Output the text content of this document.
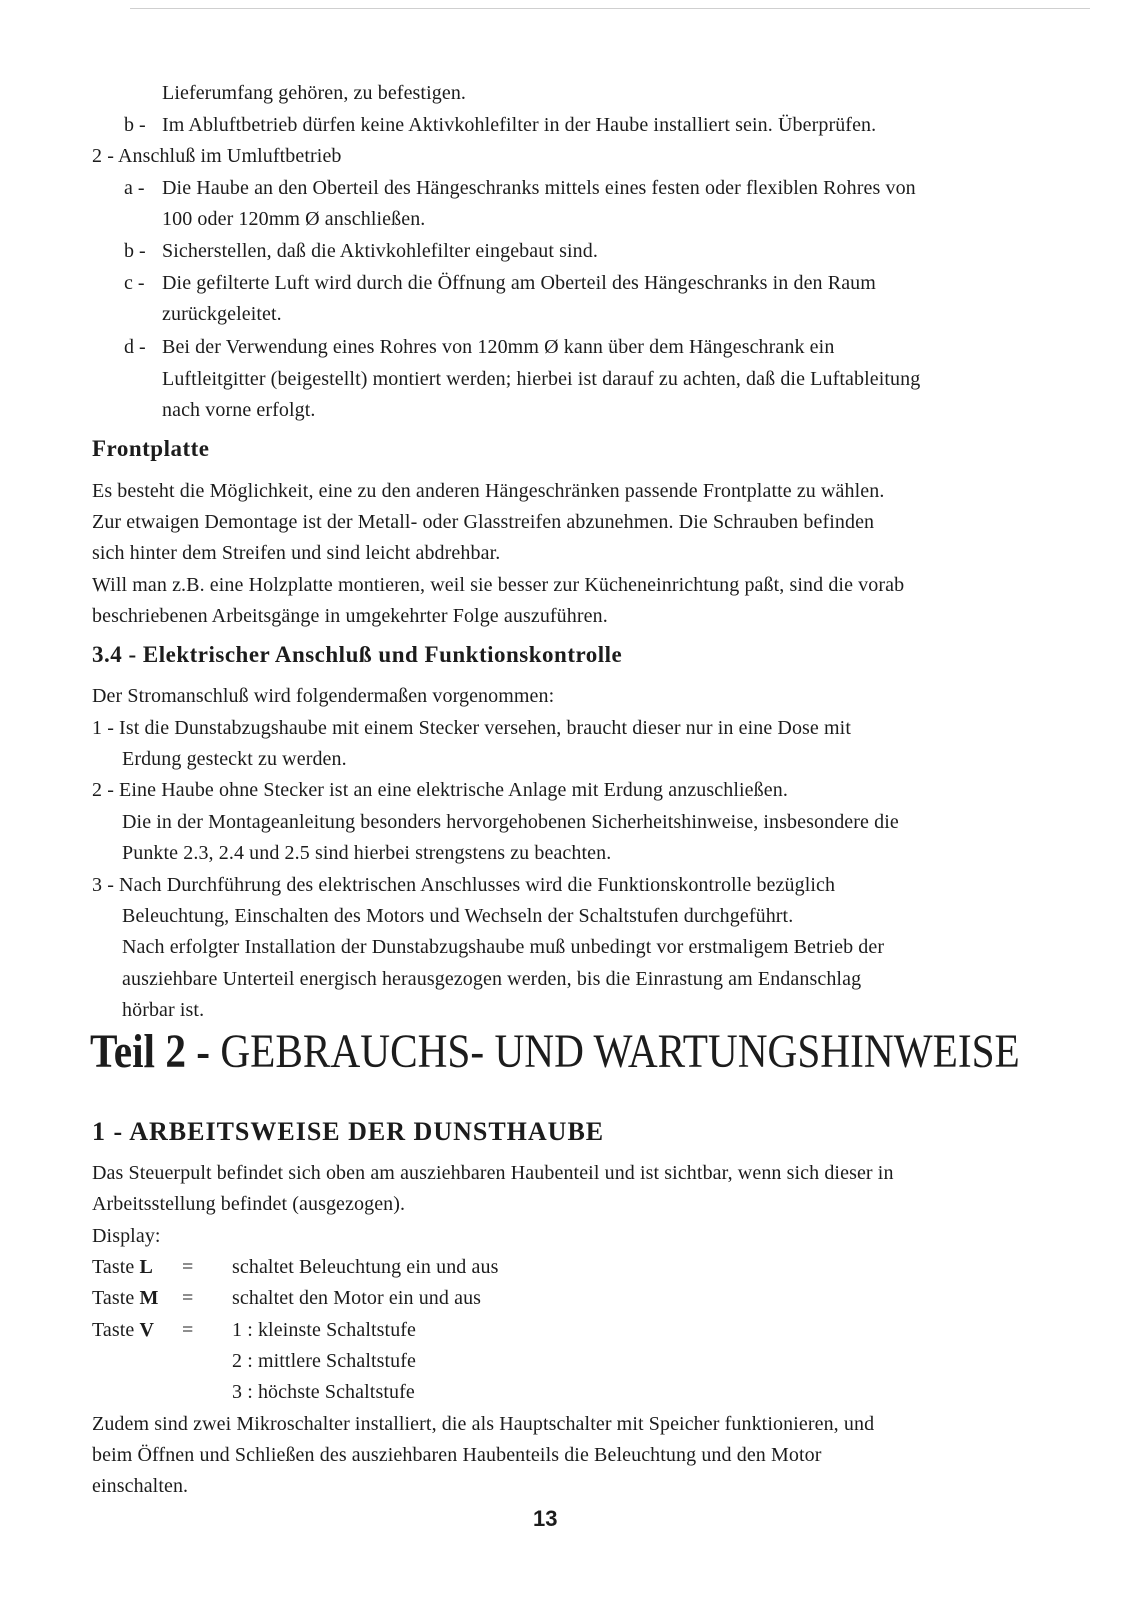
Lieferumfang gehören, zu befestigen.
b - Im Abluftbetrieb dürfen keine Aktivkohlefilter in der Haube installiert sein. Überprüfen.
2 - Anschluß im Umluftbetrieb
a - Die Haube an den Oberteil des Hängeschranks mittels eines festen oder flexiblen Rohres von
100 oder 120mm Ø anschließen.
b - Sicherstellen, daß die Aktivkohlefilter eingebaut sind.
c - Die gefilterte Luft wird durch die Öffnung am Oberteil des Hängeschranks in den Raum
zurückgeleitet.
d - Bei der Verwendung eines Rohres von 120mm Ø kann über dem Hängeschrank ein
Luftleitgitter (beigestellt) montiert werden; hierbei ist darauf zu achten, daß die Luftableitung
nach vorne erfolgt.
Frontplatte
Es besteht die Möglichkeit, eine zu den anderen Hängeschränken passende Frontplatte zu wählen.
Zur etwaigen Demontage ist der Metall- oder Glasstreifen abzunehmen. Die Schrauben befinden
sich hinter dem Streifen und sind leicht abdrehbar.
Will man z.B. eine Holzplatte montieren, weil sie besser zur Kücheneinrichtung paßt, sind die vorab
beschriebenen Arbeitsgänge in umgekehrter Folge auszuführen.
3.4 - Elektrischer Anschluß und Funktionskontrolle
Der Stromanschluß wird folgendermaßen vorgenommen:
1 - Ist die Dunstabzugshaube mit einem Stecker versehen, braucht dieser nur in eine Dose mit
Erdung gesteckt zu werden.
2 - Eine Haube ohne Stecker ist an eine elektrische Anlage mit Erdung anzuschließen.
Die in der Montageanleitung besonders hervorgehobenen Sicherheitshinweise, insbesondere die
Punkte 2.3, 2.4 und 2.5 sind hierbei strengstens zu beachten.
3 - Nach Durchführung des elektrischen Anschlusses wird die Funktionskontrolle bezüglich
Beleuchtung, Einschalten des Motors und Wechseln der Schaltstufen durchgeführt.
Nach erfolgter Installation der Dunstabzugshaube muß unbedingt vor erstmaligem Betrieb der
ausziehbare Unterteil energisch herausgezogen werden, bis die Einrastung am Endanschlag
hörbar ist.
Teil 2 - GEBRAUCHS- UND WARTUNGSHINWEISE
1 - ARBEITSWEISE DER DUNSTHAUBE
Das Steuerpult befindet sich oben am ausziehbaren Haubenteil und ist sichtbar, wenn sich dieser in
Arbeitsstellung befindet (ausgezogen).
Display:
Taste L = schaltet Beleuchtung ein und aus
Taste M = schaltet den Motor ein und aus
Taste V = 1 : kleinste Schaltstufe
2 : mittlere Schaltstufe
3 : höchste Schaltstufe
Zudem sind zwei Mikroschalter installiert, die als Hauptschalter mit Speicher funktionieren, und
beim Öffnen und Schließen des ausziehbaren Haubenteils die Beleuchtung und den Motor
einschalten.
13
